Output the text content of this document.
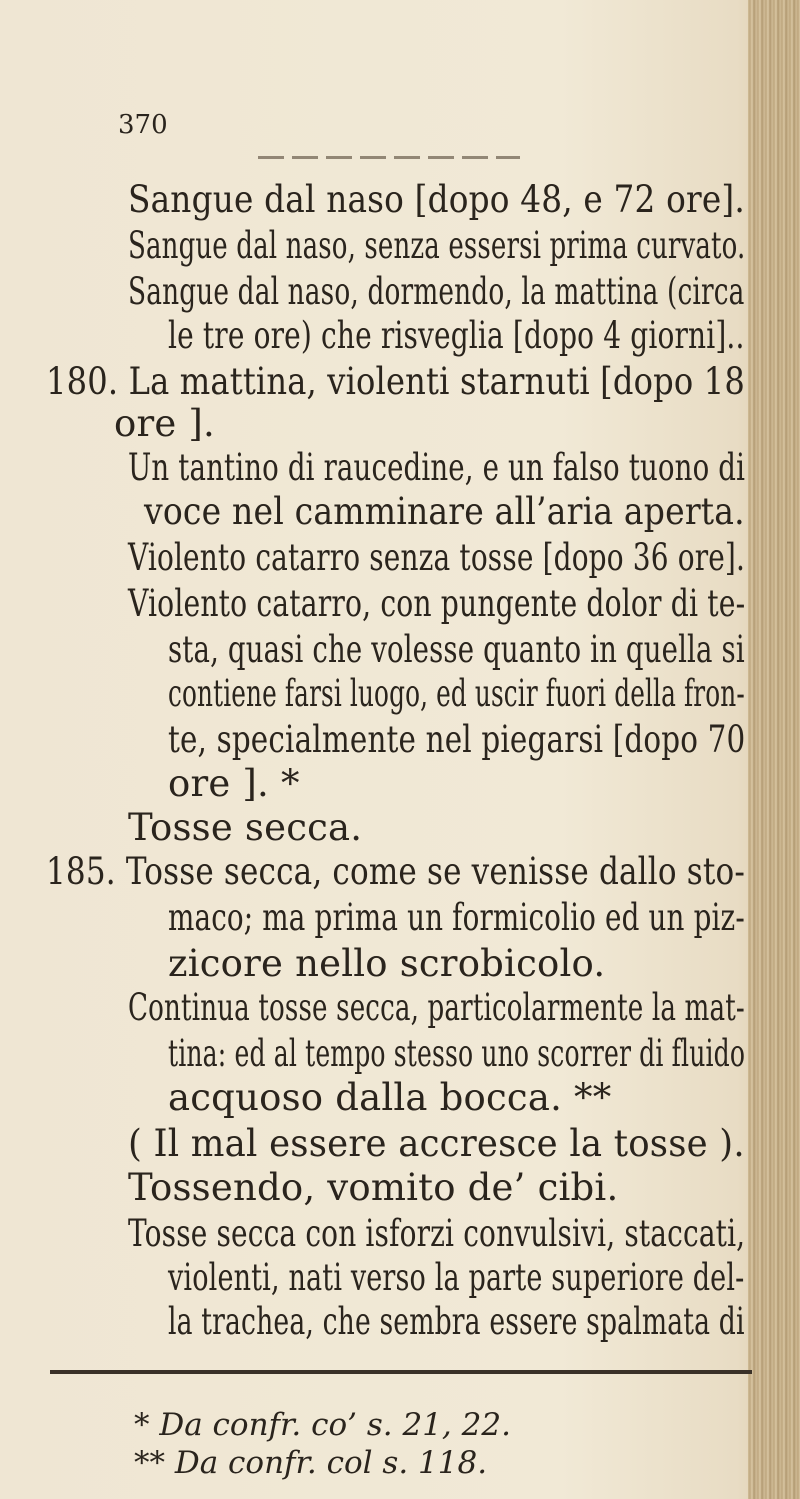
370
Sangue dal naso [dopo 48, e 72 ore].
Sangue dal naso, senza essersi prima curvato.
Sangue dal naso, dormendo, la mattina (circa
le tre ore) che risveglia [dopo 4 giorni]..
180. La mattina, violenti starnuti [dopo 18
ore ].
Un tantino di raucedine, e un falso tuono di
voce nel camminare all’aria aperta.
Violento catarro senza tosse [dopo 36 ore].
Violento catarro, con pungente dolor di te-
sta, quasi che volesse quanto in quella si
contiene farsi luogo, ed uscir fuori della fron-
te, specialmente nel piegarsi [dopo 70
ore ]. *
Tosse secca.
185. Tosse secca, come se venisse dallo sto-
maco; ma prima un formicolio ed un piz-
zicore nello scrobicolo.
Continua tosse secca, particolarmente la mat-
tina: ed al tempo stesso uno scorrer di fluido
acquoso dalla bocca. **
( Il mal essere accresce la tosse ).
Tossendo, vomito de’ cibi.
Tosse secca con isforzi convulsivi, staccati,
violenti, nati verso la parte superiore del-
la trachea, che sembra essere spalmata di
* Da confr. co’ s. 21, 22.
** Da confr. col s. 118.
